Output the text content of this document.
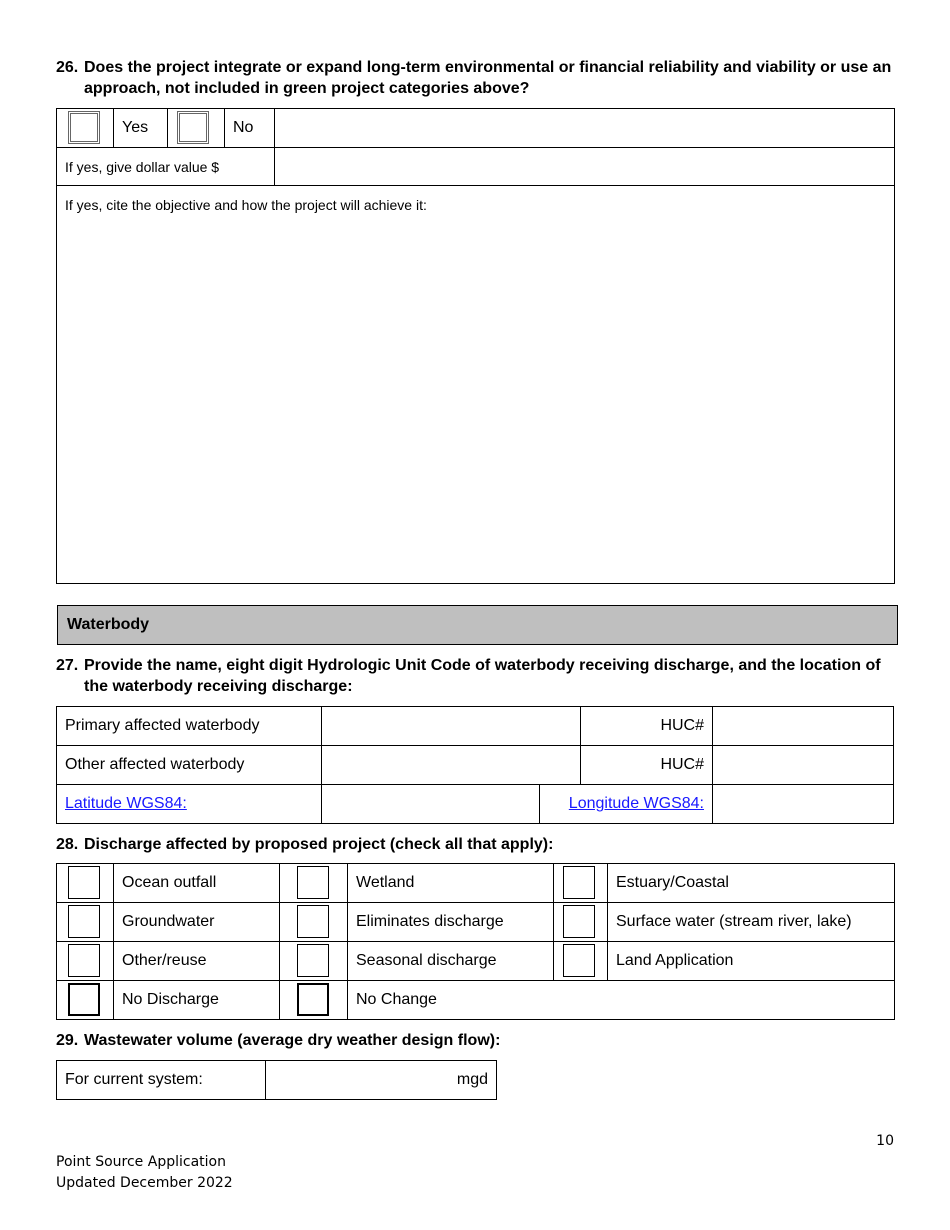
26. Does the project integrate or expand long-term environmental or financial reliability and viability or use an approach, not included in green project categories above?
Yes	No
If yes, give dollar value $
If yes, cite the objective and how the project will achieve it:
Waterbody
27. Provide the name, eight digit Hydrologic Unit Code of waterbody receiving discharge, and the location of the waterbody receiving discharge:
Primary affected waterbody	HUC#
Other affected waterbody	HUC#
Latitude WGS84:	Longitude WGS84:
28. Discharge affected by proposed project (check all that apply):
Ocean outfall	Wetland	Estuary/Coastal
Groundwater	Eliminates discharge	Surface water (stream river, lake)
Other/reuse	Seasonal discharge	Land Application
No Discharge	No Change
29. Wastewater volume (average dry weather design flow):
For current system:	mgd
10
Point Source Application
Updated December 2022
